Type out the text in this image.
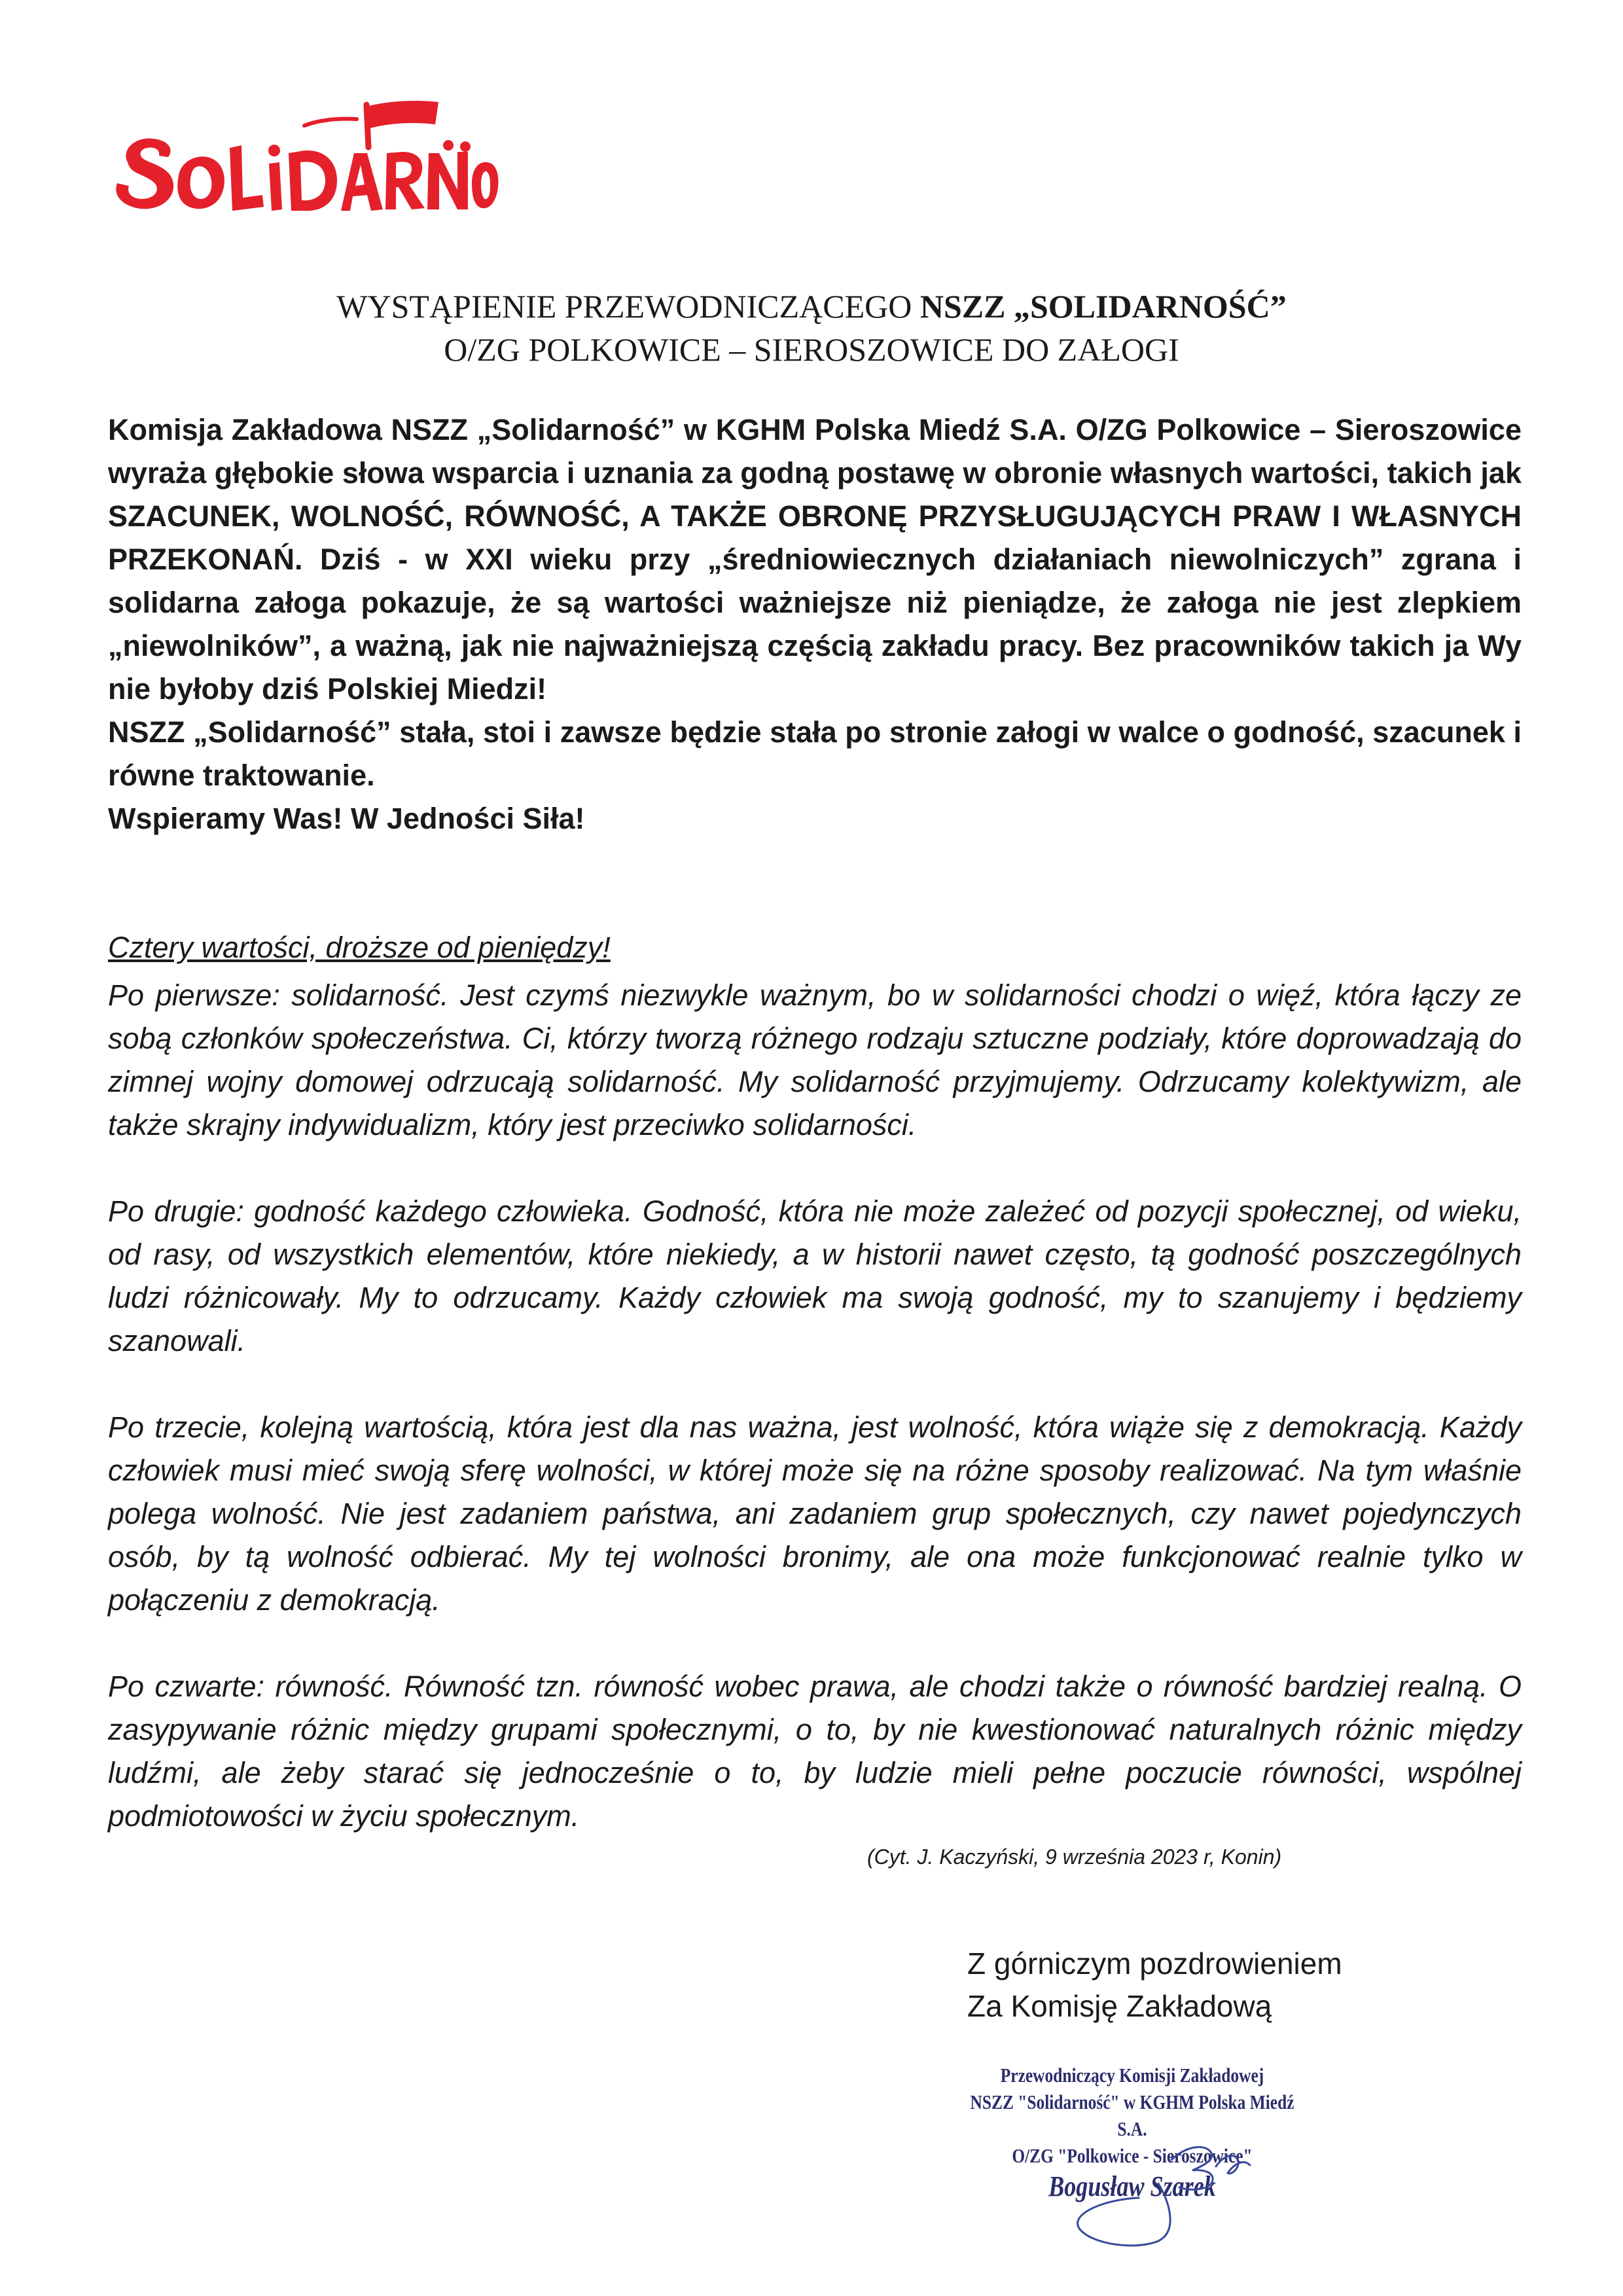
WYSTĄPIENIE PRZEWODNICZĄCEGO NSZZ „SOLIDARNOŚĆ”
O/ZG POLKOWICE – SIEROSZOWICE DO ZAŁOGI

Komisja Zakładowa NSZZ „Solidarność” w KGHM Polska Miedź S.A. O/ZG Polkowice – Sieroszowice wyraża głębokie słowa wsparcia i uznania za godną postawę w obronie własnych wartości, takich jak SZACUNEK, WOLNOŚĆ, RÓWNOŚĆ, A TAKŻE OBRONĘ PRZYSŁUGUJĄCYCH PRAW I WŁASNYCH PRZEKONAŃ. Dziś - w XXI wieku przy „średniowiecznych działaniach niewolniczych” zgrana i solidarna załoga pokazuje, że są wartości ważniejsze niż pieniądze, że załoga nie jest zlepkiem „niewolników”, a ważną, jak nie najważniejszą częścią zakładu pracy. Bez pracowników takich ja Wy nie byłoby dziś Polskiej Miedzi!

NSZZ „Solidarność” stała, stoi i zawsze będzie stała po stronie załogi w walce o godność, szacunek i równe traktowanie.

Wspieramy Was! W Jedności Siła!

Cztery wartości, droższe od pieniędzy!

Po pierwsze: solidarność. Jest czymś niezwykle ważnym, bo w solidarności chodzi o więź, która łączy ze sobą członków społeczeństwa. Ci, którzy tworzą różnego rodzaju sztuczne podziały, które doprowadzają do zimnej wojny domowej odrzucają solidarność. My solidarność przyjmujemy. Odrzucamy kolektywizm, ale także skrajny indywidualizm, który jest przeciwko solidarności.

Po drugie: godność każdego człowieka. Godność, która nie może zależeć od pozycji społecznej, od wieku, od rasy, od wszystkich elementów, które niekiedy, a w historii nawet często, tą godność poszczególnych ludzi różnicowały. My to odrzucamy. Każdy człowiek ma swoją godność, my to szanujemy i będziemy szanowali.

Po trzecie, kolejną wartością, która jest dla nas ważna, jest wolność, która wiąże się z demokracją. Każdy człowiek musi mieć swoją sferę wolności, w której może się na różne sposoby realizować. Na tym właśnie polega wolność. Nie jest zadaniem państwa, ani zadaniem grup społecznych, czy nawet pojedynczych osób, by tą wolność odbierać. My tej wolności bronimy, ale ona może funkcjonować realnie tylko w połączeniu z demokracją.

Po czwarte: równość. Równość tzn. równość wobec prawa, ale chodzi także o równość bardziej realną. O zasypywanie różnic między grupami społecznymi, o to, by nie kwestionować naturalnych różnic między ludźmi, ale żeby starać się jednocześnie o to, by ludzie mieli pełne poczucie równości, wspólnej podmiotowości w życiu społecznym.

(Cyt. J. Kaczyński, 9 września 2023 r, Konin)
Z górniczym pozdrowieniem
Za Komisję Zakładową
Przewodniczący Komisji Zakładowej
NSZZ "Solidarność" w KGHM Polska Miedź S.A.
O/ZG "Polkowice - Sieroszowice"
Bogusław Szarek
